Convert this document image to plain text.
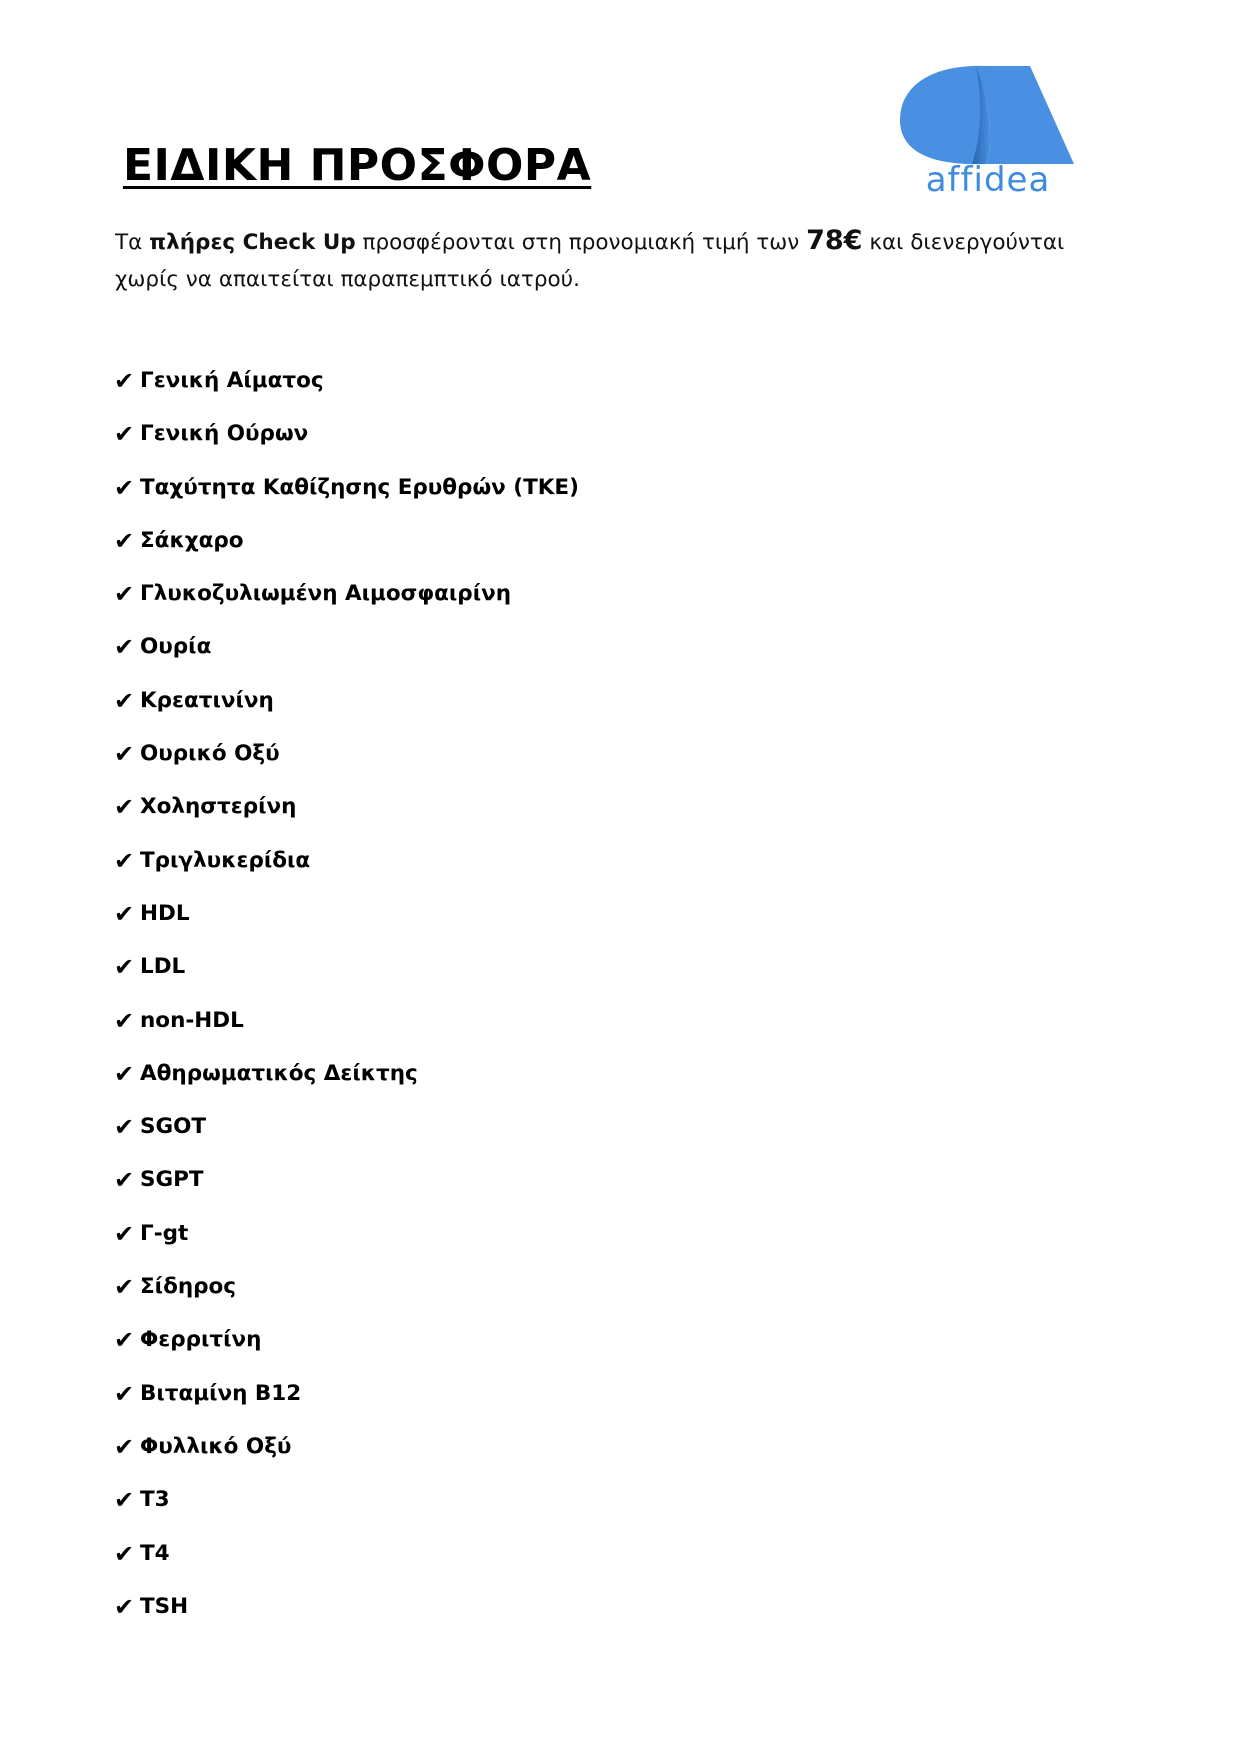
affidea
ΕΙΔΙΚΗ ΠΡΟΣΦΟΡΑ
Τα πλήρες Check Up προσφέρονται στη προνομιακή τιμή των 78€ και διενεργούνται χωρίς να απαιτείται παραπεμπτικό ιατρού.
✔ Γενική Αίματος
✔ Γενική Ούρων
✔ Ταχύτητα Καθίζησης Ερυθρών (ΤΚΕ)
✔ Σάκχαρο
✔ Γλυκοζυλιωμένη Αιμοσφαιρίνη
✔ Ουρία
✔ Κρεατινίνη
✔ Ουρικό Οξύ
✔ Χοληστερίνη
✔ Τριγλυκερίδια
✔ HDL
✔ LDL
✔ non-HDL
✔ Αθηρωματικός Δείκτης
✔ SGOT
✔ SGPT
✔ Γ-gt
✔ Σίδηρος
✔ Φερριτίνη
✔ Βιταμίνη Β12
✔ Φυλλικό Οξύ
✔ Τ3
✔ Τ4
✔ TSH
